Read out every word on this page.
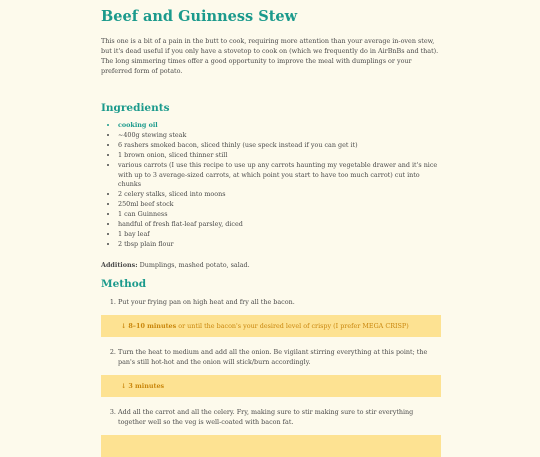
Beef and Guinness Stew

This one is a bit of a pain in the butt to cook, requiring more attention than your average in-oven stew, but it's dead useful if you only have a stovetop to cook on (which we frequently do in AirBnBs and that). The long simmering times offer a good opportunity to improve the meal with dumplings or your preferred form of potato.

Ingredients
• cooking oil
• ~400g stewing steak
• 6 rashers smoked bacon, sliced thinly (use speck instead if you can get it)
• 1 brown onion, sliced thinner still
• various carrots (I use this recipe to use up any carrots haunting my vegetable drawer and it's nice with up to 3 average-sized carrots, at which point you start to have too much carrot) cut into chunks
• 2 celery stalks, sliced into moons
• 250ml beef stock
• 1 can Guinness
• handful of fresh flat-leaf parsley, diced
• 1 bay leaf
• 2 tbsp plain flour

Additions: Dumplings, mashed potato, salad.

Method
1. Put your frying pan on high heat and fry all the bacon.
↓ 8–10 minutes or until the bacon's your desired level of crispy (I prefer MEGA CRISP)
2. Turn the heat to medium and add all the onion. Be vigilant stirring everything at this point; the pan's still hot-hot and the onion will stick/burn accordingly.
↓ 3 minutes
3. Add all the carrot and all the celery. Fry, making sure to stir making sure to stir everything together well so the veg is well-coated with bacon fat.
